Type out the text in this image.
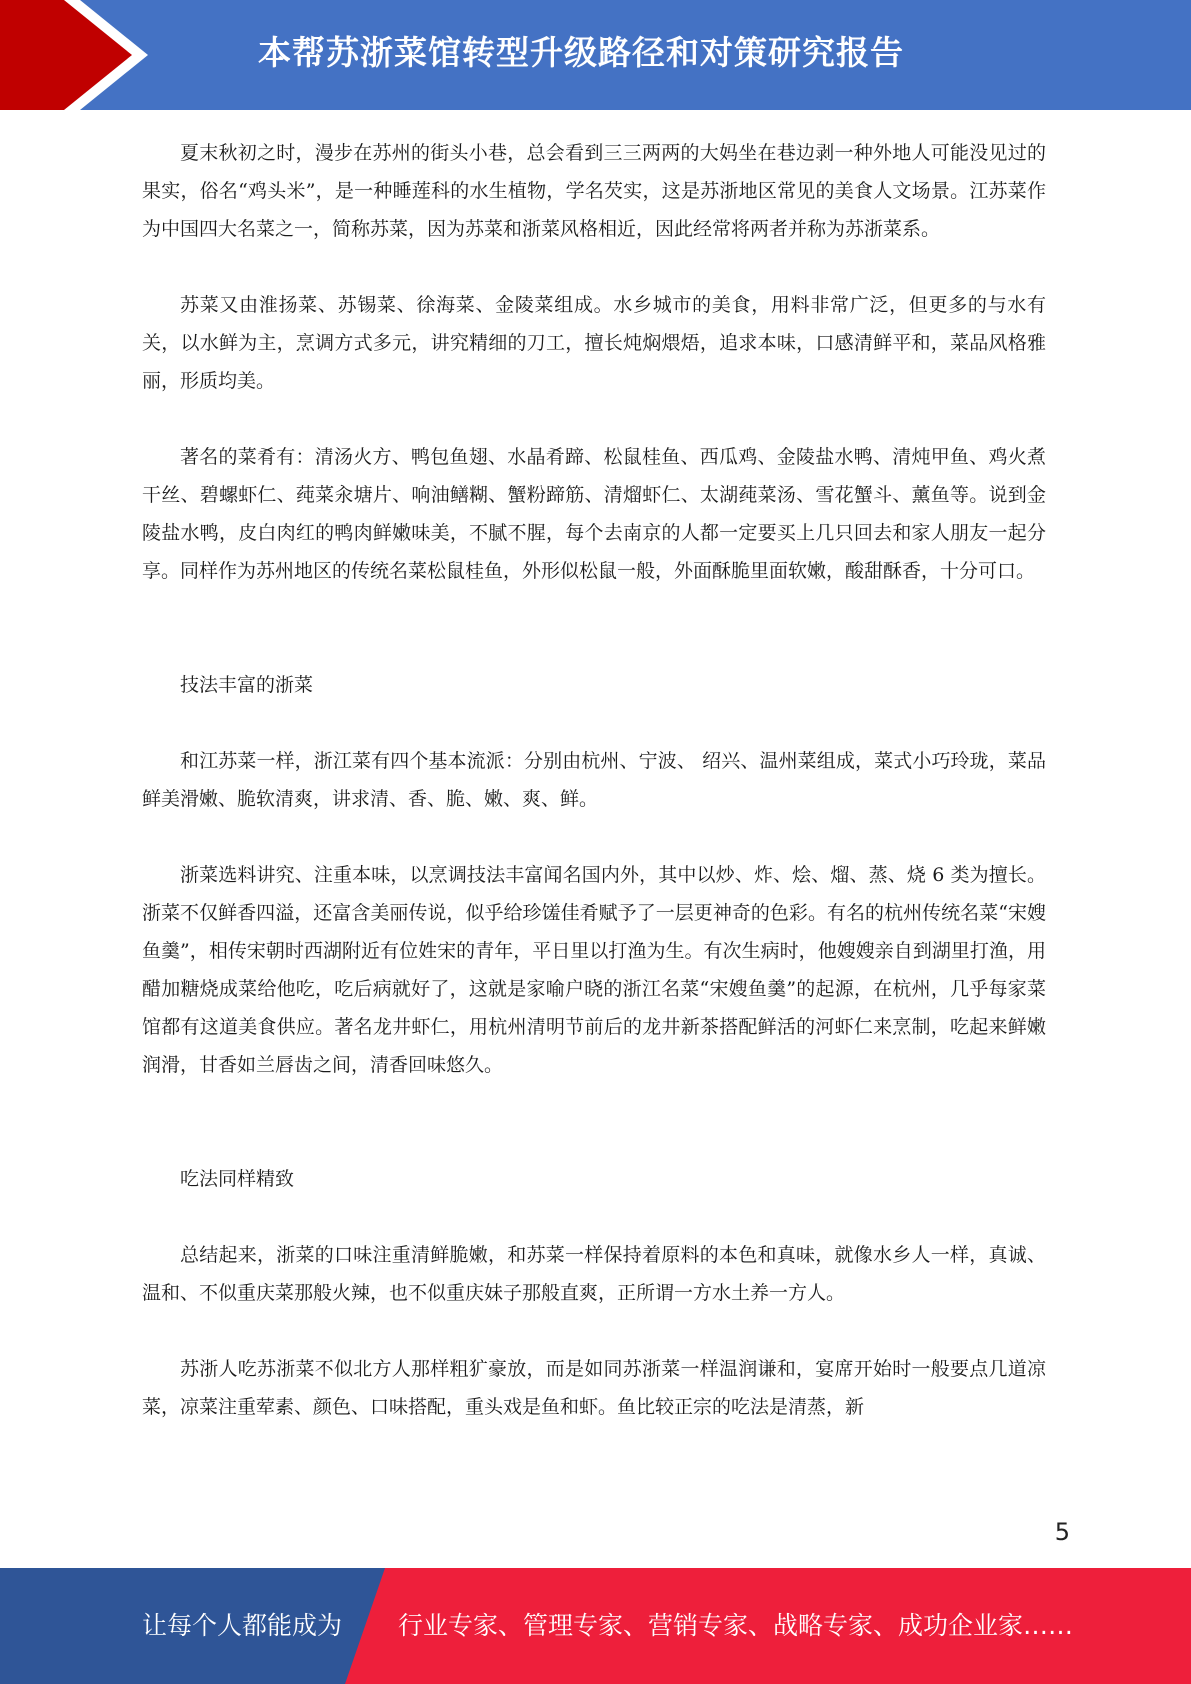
本帮苏浙菜馆转型升级路径和对策研究报告

夏末秋初之时，漫步在苏州的街头小巷，总会看到三三两两的大妈坐在巷边剥一种外地人可能没见过的果实，俗名“鸡头米”，是一种睡莲科的水生植物，学名芡实，这是苏浙地区常见的美食人文场景。江苏菜作为中国四大名菜之一，简称苏菜，因为苏菜和浙菜风格相近，因此经常将两者并称为苏浙菜系。

苏菜又由淮扬菜、苏锡菜、徐海菜、金陵菜组成。水乡城市的美食，用料非常广泛，但更多的与水有关，以水鲜为主，烹调方式多元，讲究精细的刀工，擅长炖焖煨焐，追求本味，口感清鲜平和，菜品风格雅丽，形质均美。

著名的菜肴有：清汤火方、鸭包鱼翅、水晶肴蹄、松鼠桂鱼、西瓜鸡、金陵盐水鸭、清炖甲鱼、鸡火煮干丝、碧螺虾仁、莼菜汆塘片、响油鳝糊、蟹粉蹄筋、清熘虾仁、太湖莼菜汤、雪花蟹斗、薰鱼等。说到金陵盐水鸭，皮白肉红的鸭肉鲜嫩味美，不腻不腥，每个去南京的人都一定要买上几只回去和家人朋友一起分享。同样作为苏州地区的传统名菜松鼠桂鱼，外形似松鼠一般，外面酥脆里面软嫩，酸甜酥香，十分可口。

技法丰富的浙菜

和江苏菜一样，浙江菜有四个基本流派：分别由杭州、宁波、 绍兴、温州菜组成，菜式小巧玲珑，菜品鲜美滑嫩、脆软清爽，讲求清、香、脆、嫩、爽、鲜。

浙菜选料讲究、注重本味，以烹调技法丰富闻名国内外，其中以炒、炸、烩、熘、蒸、烧 6 类为擅长。浙菜不仅鲜香四溢，还富含美丽传说，似乎给珍馐佳肴赋予了一层更神奇的色彩。有名的杭州传统名菜“宋嫂鱼羹”，相传宋朝时西湖附近有位姓宋的青年，平日里以打渔为生。有次生病时，他嫂嫂亲自到湖里打渔，用醋加糖烧成菜给他吃，吃后病就好了，这就是家喻户晓的浙江名菜“宋嫂鱼羹”的起源，在杭州，几乎每家菜馆都有这道美食供应。著名龙井虾仁，用杭州清明节前后的龙井新茶搭配鲜活的河虾仁来烹制，吃起来鲜嫩润滑，甘香如兰唇齿之间，清香回味悠久。

吃法同样精致

总结起来，浙菜的口味注重清鲜脆嫩，和苏菜一样保持着原料的本色和真味，就像水乡人一样，真诚、温和、不似重庆菜那般火辣，也不似重庆妹子那般直爽，正所谓一方水土养一方人。

苏浙人吃苏浙菜不似北方人那样粗犷豪放，而是如同苏浙菜一样温润谦和，宴席开始时一般要点几道凉菜，凉菜注重荤素、颜色、口味搭配，重头戏是鱼和虾。鱼比较正宗的吃法是清蒸，新

5
让每个人都能成为 行业专家、管理专家、营销专家、战略专家、成功企业家……
